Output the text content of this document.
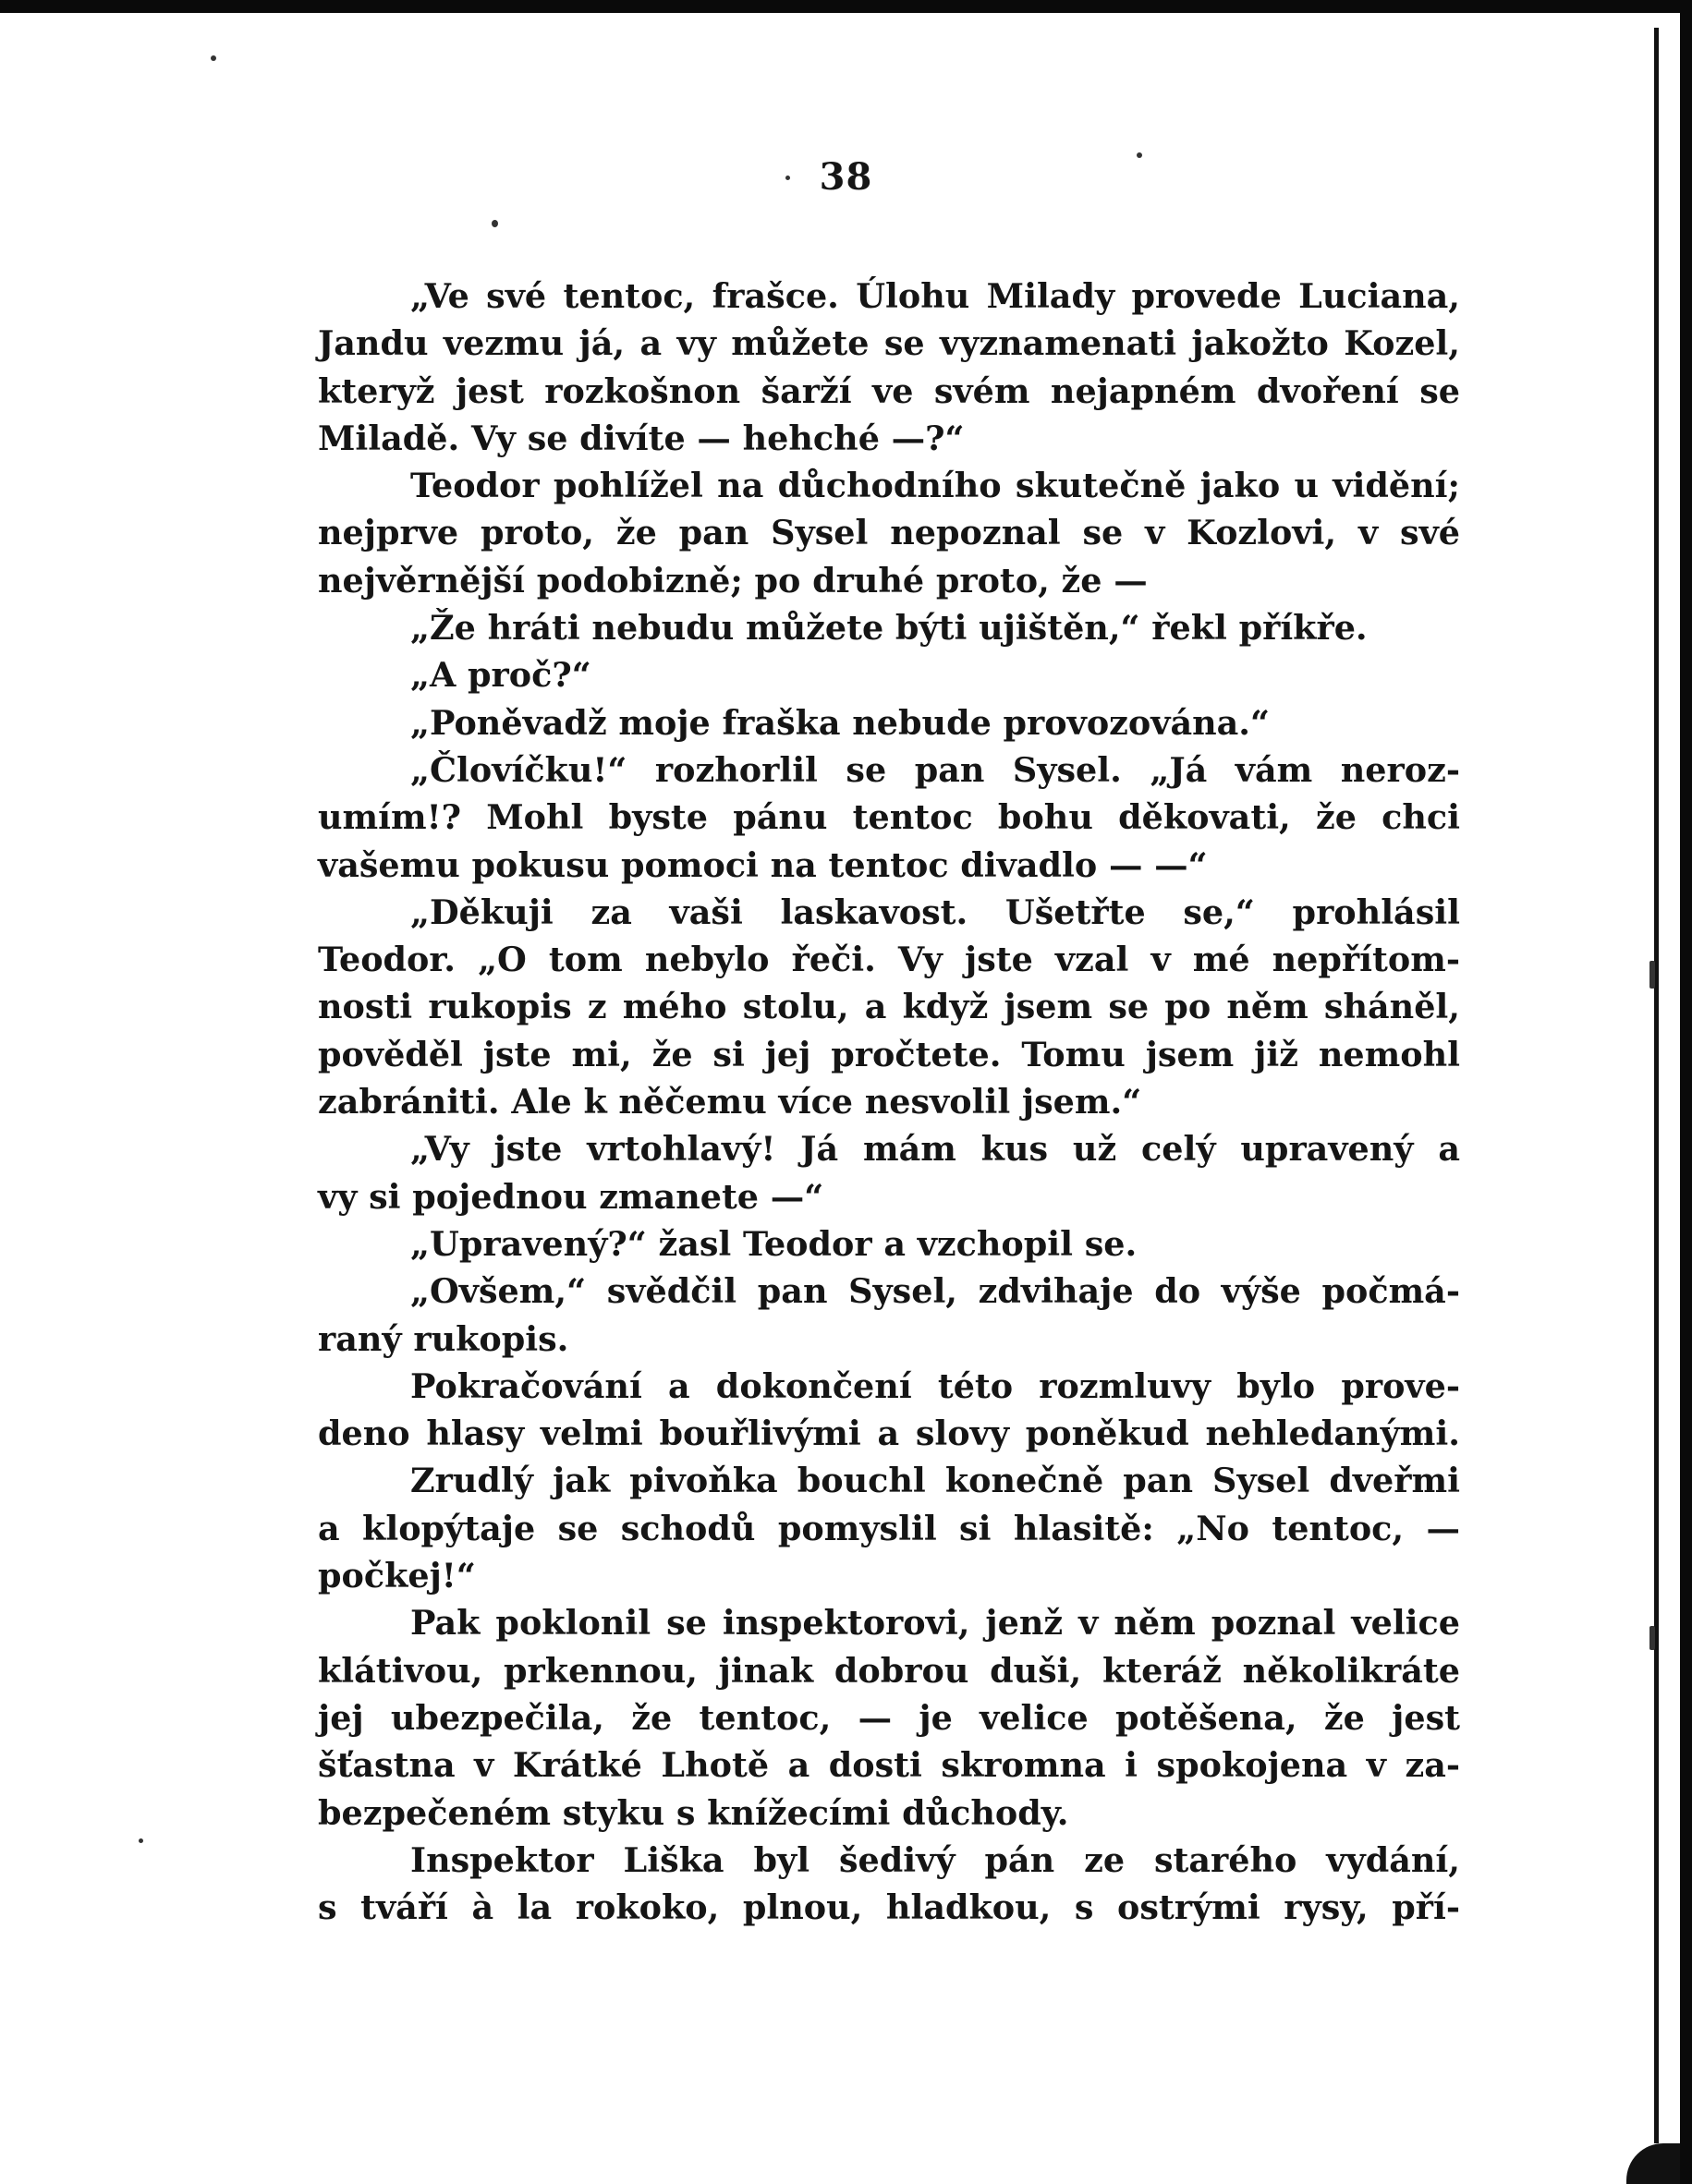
38
„Ve své tentoc, frašce. Úlohu Milady provede Luciana,
Jandu vezmu já, a vy můžete se vyznamenati jakožto Kozel,
kteryž jest rozkošnon šarží ve svém nejapném dvoření se
Miladě. Vy se divíte — hehché —?“
Teodor pohlížel na důchodního skutečně jako u vidění;
nejprve proto, že pan Sysel nepoznal se v Kozlovi, v své
nejvěrnější podobizně; po druhé proto, že —
„Že hráti nebudu můžete býti ujištěn,“ řekl příkře.
„A proč?“
„Poněvadž moje fraška nebude provozována.“
„Človíčku!“ rozhorlil se pan Sysel. „Já vám neroz-
umím!? Mohl byste pánu tentoc bohu děkovati, že chci
vašemu pokusu pomoci na tentoc divadlo — —“
„Děkuji za vaši laskavost. Ušetřte se,“ prohlásil
Teodor. „O tom nebylo řeči. Vy jste vzal v mé nepřítom-
nosti rukopis z mého stolu, a když jsem se po něm sháněl,
pověděl jste mi, že si jej pročtete. Tomu jsem již nemohl
zabrániti. Ale k něčemu více nesvolil jsem.“
„Vy jste vrtohlavý! Já mám kus už celý upravený a
vy si pojednou zmanete —“
„Upravený?“ žasl Teodor a vzchopil se.
„Ovšem,“ svědčil pan Sysel, zdvihaje do výše počmá-
raný rukopis.
Pokračování a dokončení této rozmluvy bylo prove-
deno hlasy velmi bouřlivými a slovy poněkud nehledanými.
Zrudlý jak pivoňka bouchl konečně pan Sysel dveřmi
a klopýtaje se schodů pomyslil si hlasitě: „No tentoc, —
počkej!“
Pak poklonil se inspektorovi, jenž v něm poznal velice
klátivou, prkennou, jinak dobrou duši, kteráž několikráte
jej ubezpečila, že tentoc, — je velice potěšena, že jest
šťastna v Krátké Lhotě a dosti skromna i spokojena v za-
bezpečeném styku s knížecími důchody.
Inspektor Liška byl šedivý pán ze starého vydání,
s tváří à la rokoko, plnou, hladkou, s ostrými rysy, pří-
